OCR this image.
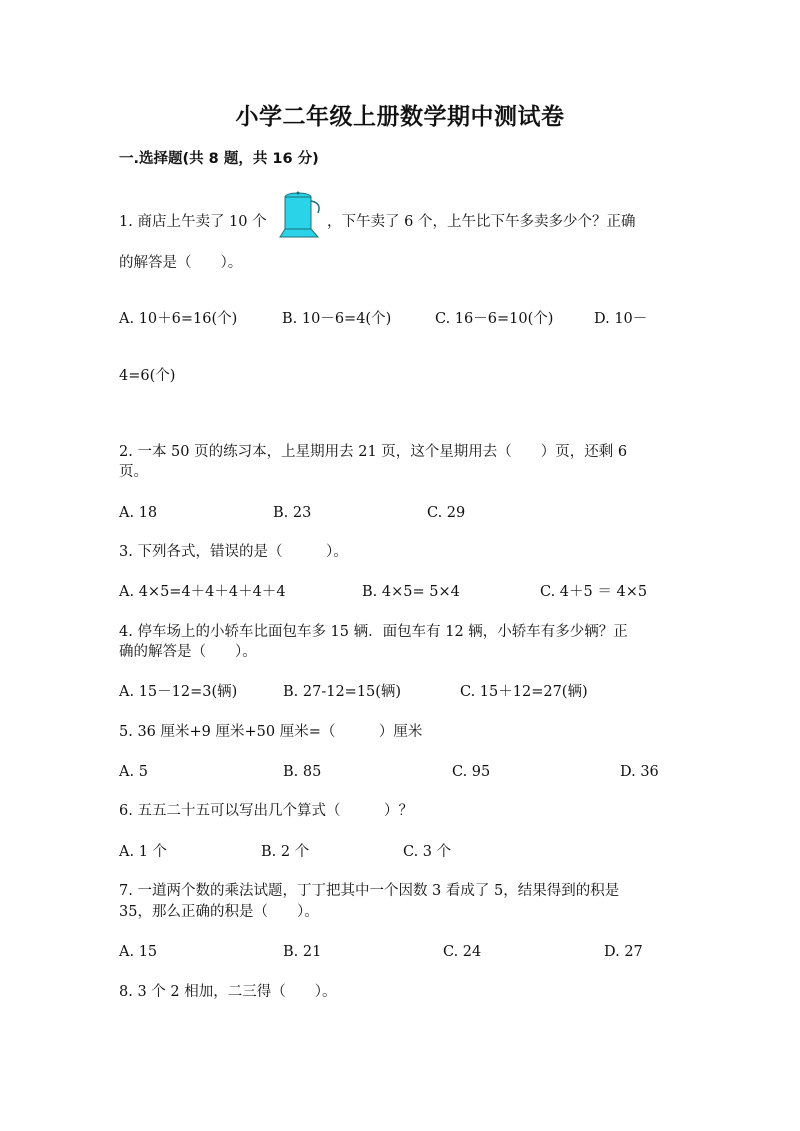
小学二年级上册数学期中测试卷
一.选择题(共 8 题，共 16 分)
1. 商店上午卖了 10 个	，下午卖了 6 个，上午比下午多卖多少个？正确
的解答是（　　）。
A. 10＋6=16(个)	B. 10－6=4(个)	C. 16－6=10(个)	D. 10－
4=6(个)
2. 一本 50 页的练习本，上星期用去 21 页，这个星期用去（　　）页，还剩 6
页。
A. 18	B. 23	C. 29
3. 下列各式，错误的是（　　　）。
A. 4×5=4＋4＋4＋4＋4	B. 4×5= 5×4	C. 4＋5 ＝ 4×5
4. 停车场上的小轿车比面包车多 15 辆．面包车有 12 辆，小轿车有多少辆？正
确的解答是（　　）。
A. 15－12=3(辆)	B. 27-12=15(辆)	C. 15＋12=27(辆)
5. 36 厘米+9 厘米+50 厘米=（　　　）厘米
A. 5	B. 85	C. 95	D. 36
6. 五五二十五可以写出几个算式（　　　）？
A. 1 个	B. 2 个	C. 3 个
7. 一道两个数的乘法试题，丁丁把其中一个因数 3 看成了 5，结果得到的积是
35，那么正确的积是（　　）。
A. 15	B. 21	C. 24	D. 27
8. 3 个 2 相加，二三得（　　）。
